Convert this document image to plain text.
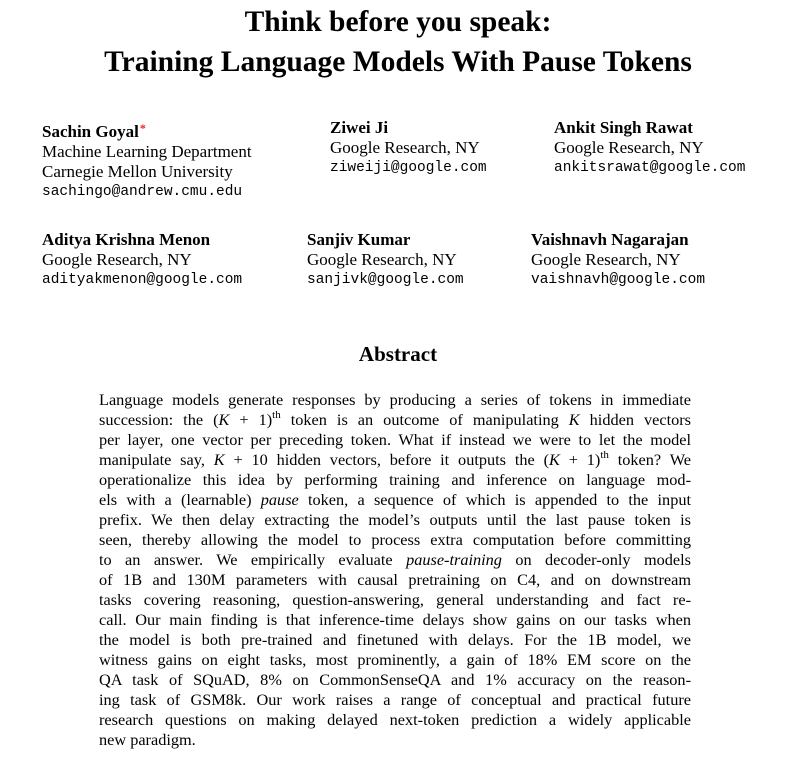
Think before you speak:
Training Language Models With Pause Tokens
Sachin Goyal*
Machine Learning Department
Carnegie Mellon University
sachingo@andrew.cmu.edu
Ziwei Ji
Google Research, NY
ziweiji@google.com
Ankit Singh Rawat
Google Research, NY
ankitsrawat@google.com
Aditya Krishna Menon
Google Research, NY
adityakmenon@google.com
Sanjiv Kumar
Google Research, NY
sanjivk@google.com
Vaishnavh Nagarajan
Google Research, NY
vaishnavh@google.com
Abstract
Language models generate responses by producing a series of tokens in immediate
succession: the $(K + 1)^{th}$ token is an outcome of manipulating K hidden vectors
per layer, one vector per preceding token. What if instead we were to let the model
manipulate say, K + 10 hidden vectors, before it outputs the $(K + 1)^{th}$ token? We
operationalize this idea by performing training and inference on language mod-
els with a (learnable) pause token, a sequence of which is appended to the input
prefix. We then delay extracting the model’s outputs until the last pause token is
seen, thereby allowing the model to process extra computation before committing
to an answer. We empirically evaluate pause-training on decoder-only models
of 1B and 130M parameters with causal pretraining on C4, and on downstream
tasks covering reasoning, question-answering, general understanding and fact re-
call. Our main finding is that inference-time delays show gains on our tasks when
the model is both pre-trained and finetuned with delays. For the 1B model, we
witness gains on eight tasks, most prominently, a gain of 18% EM score on the
QA task of SQuAD, 8% on CommonSenseQA and 1% accuracy on the reason-
ing task of GSM8k. Our work raises a range of conceptual and practical future
research questions on making delayed next-token prediction a widely applicable
new paradigm.
